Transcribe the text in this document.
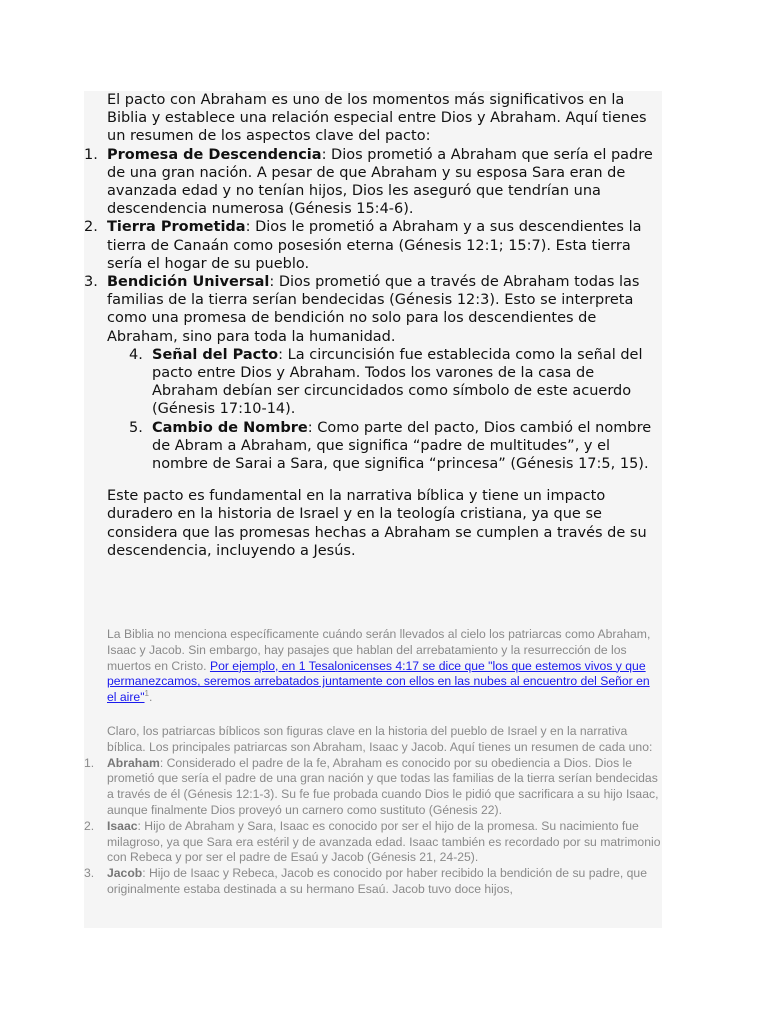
El pacto con Abraham es uno de los momentos más significativos en la Biblia y establece una relación especial entre Dios y Abraham. Aquí tienes un resumen de los aspectos clave del pacto:

1. Promesa de Descendencia: Dios prometió a Abraham que sería el padre de una gran nación. A pesar de que Abraham y su esposa Sara eran de avanzada edad y no tenían hijos, Dios les aseguró que tendrían una descendencia numerosa (Génesis 15:4-6).
2. Tierra Prometida: Dios le prometió a Abraham y a sus descendientes la tierra de Canaán como posesión eterna (Génesis 12:1; 15:7). Esta tierra sería el hogar de su pueblo.
3. Bendición Universal: Dios prometió que a través de Abraham todas las familias de la tierra serían bendecidas (Génesis 12:3). Esto se interpreta como una promesa de bendición no solo para los descendientes de Abraham, sino para toda la humanidad.
4. Señal del Pacto: La circuncisión fue establecida como la señal del pacto entre Dios y Abraham. Todos los varones de la casa de Abraham debían ser circuncidados como símbolo de este acuerdo (Génesis 17:10-14).
5. Cambio de Nombre: Como parte del pacto, Dios cambió el nombre de Abram a Abraham, que significa “padre de multitudes”, y el nombre de Sarai a Sara, que significa “princesa” (Génesis 17:5, 15).

Este pacto es fundamental en la narrativa bíblica y tiene un impacto duradero en la historia de Israel y en la teología cristiana, ya que se considera que las promesas hechas a Abraham se cumplen a través de su descendencia, incluyendo a Jesús.

La Biblia no menciona específicamente cuándo serán llevados al cielo los patriarcas como Abraham, Isaac y Jacob. Sin embargo, hay pasajes que hablan del arrebatamiento y la resurrección de los muertos en Cristo. Por ejemplo, en 1 Tesalonicenses 4:17 se dice que "los que estemos vivos y que permanezcamos, seremos arrebatados juntamente con ellos en las nubes al encuentro del Señor en el aire"$^1$.

Claro, los patriarcas bíblicos son figuras clave en la historia del pueblo de Israel y en la narrativa bíblica. Los principales patriarcas son Abraham, Isaac y Jacob. Aquí tienes un resumen de cada uno:

1. Abraham: Considerado el padre de la fe, Abraham es conocido por su obediencia a Dios. Dios le prometió que sería el padre de una gran nación y que todas las familias de la tierra serían bendecidas a través de él (Génesis 12:1-3). Su fe fue probada cuando Dios le pidió que sacrificara a su hijo Isaac, aunque finalmente Dios proveyó un carnero como sustituto (Génesis 22).
2. Isaac: Hijo de Abraham y Sara, Isaac es conocido por ser el hijo de la promesa. Su nacimiento fue milagroso, ya que Sara era estéril y de avanzada edad. Isaac también es recordado por su matrimonio con Rebeca y por ser el padre de Esaú y Jacob (Génesis 21, 24-25).
3. Jacob: Hijo de Isaac y Rebeca, Jacob es conocido por haber recibido la bendición de su padre, que originalmente estaba destinada a su hermano Esaú. Jacob tuvo doce hijos,
